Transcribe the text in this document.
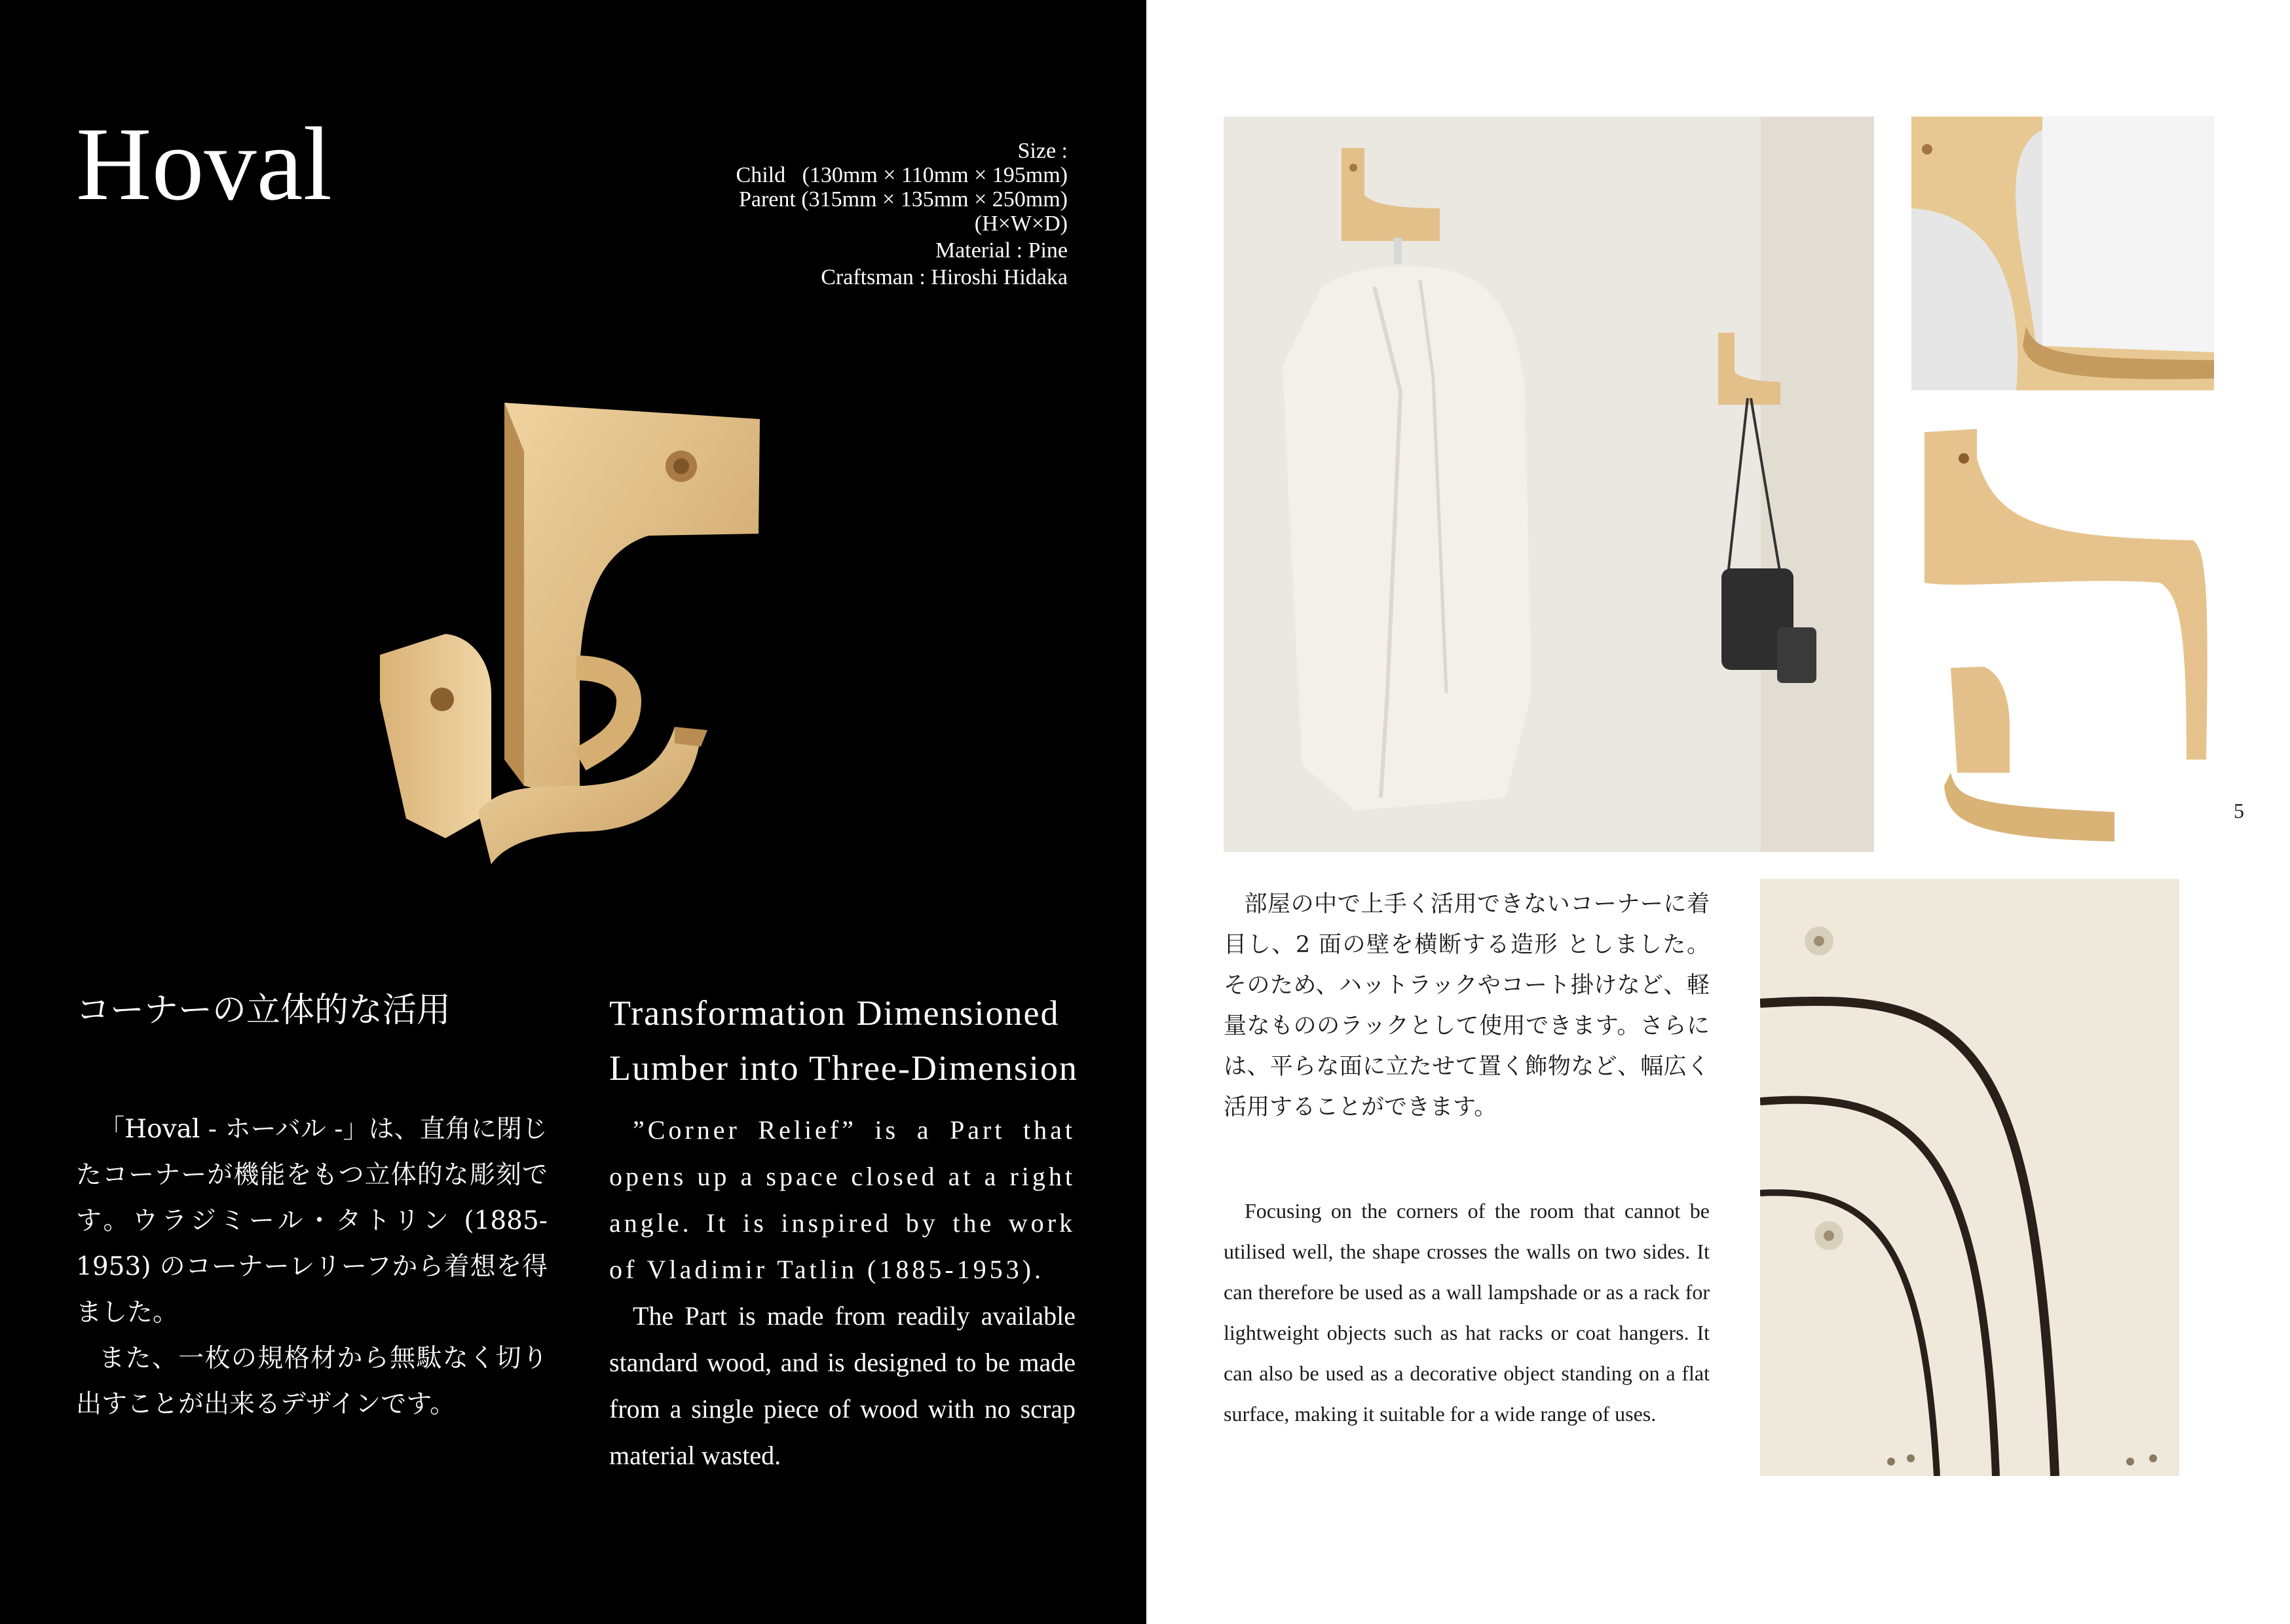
Hoval	Size :
Child   (130mm × 110mm × 195mm)
Parent (315mm × 135mm × 250mm)
(H×W×D)
Material : Pine
Craftsman : Hiroshi Hidaka
コーナーの立体的な活用

「Hoval - ホーバル -」は、直角に閉じたコーナーが機能をもつ立体的な彫刻です。ウラジミール・タトリン (1885-1953) のコーナーレリーフから着想を得ました。

また、一枚の規格材から無駄なく切り出すことが出来るデザインです。

Transformation Dimensioned
Lumber into Three-Dimension

”Corner Relief” is a Part that opens up a space closed at a right angle. It is inspired by the work of Vladimir Tatlin (1885-1953).

The Part is made from readily available standard wood, and is designed to be made from a single piece of wood with no scrap material wasted.

5

部屋の中で上手く活用できないコーナーに着目し、2 面の壁を横断する造形 としました。そのため、ハットラックやコート掛けなど、軽量なもののラックとして使用できます。さらには、平らな面に立たせて置く飾物など、幅広く活用することができます。

Focusing on the corners of the room that cannot be utilised well, the shape crosses the walls on two sides. It can therefore be used as a wall lampshade or as a rack for lightweight objects such as hat racks or coat hangers. It can also be used as a decorative object standing on a flat surface, making it suitable for a wide range of uses.
